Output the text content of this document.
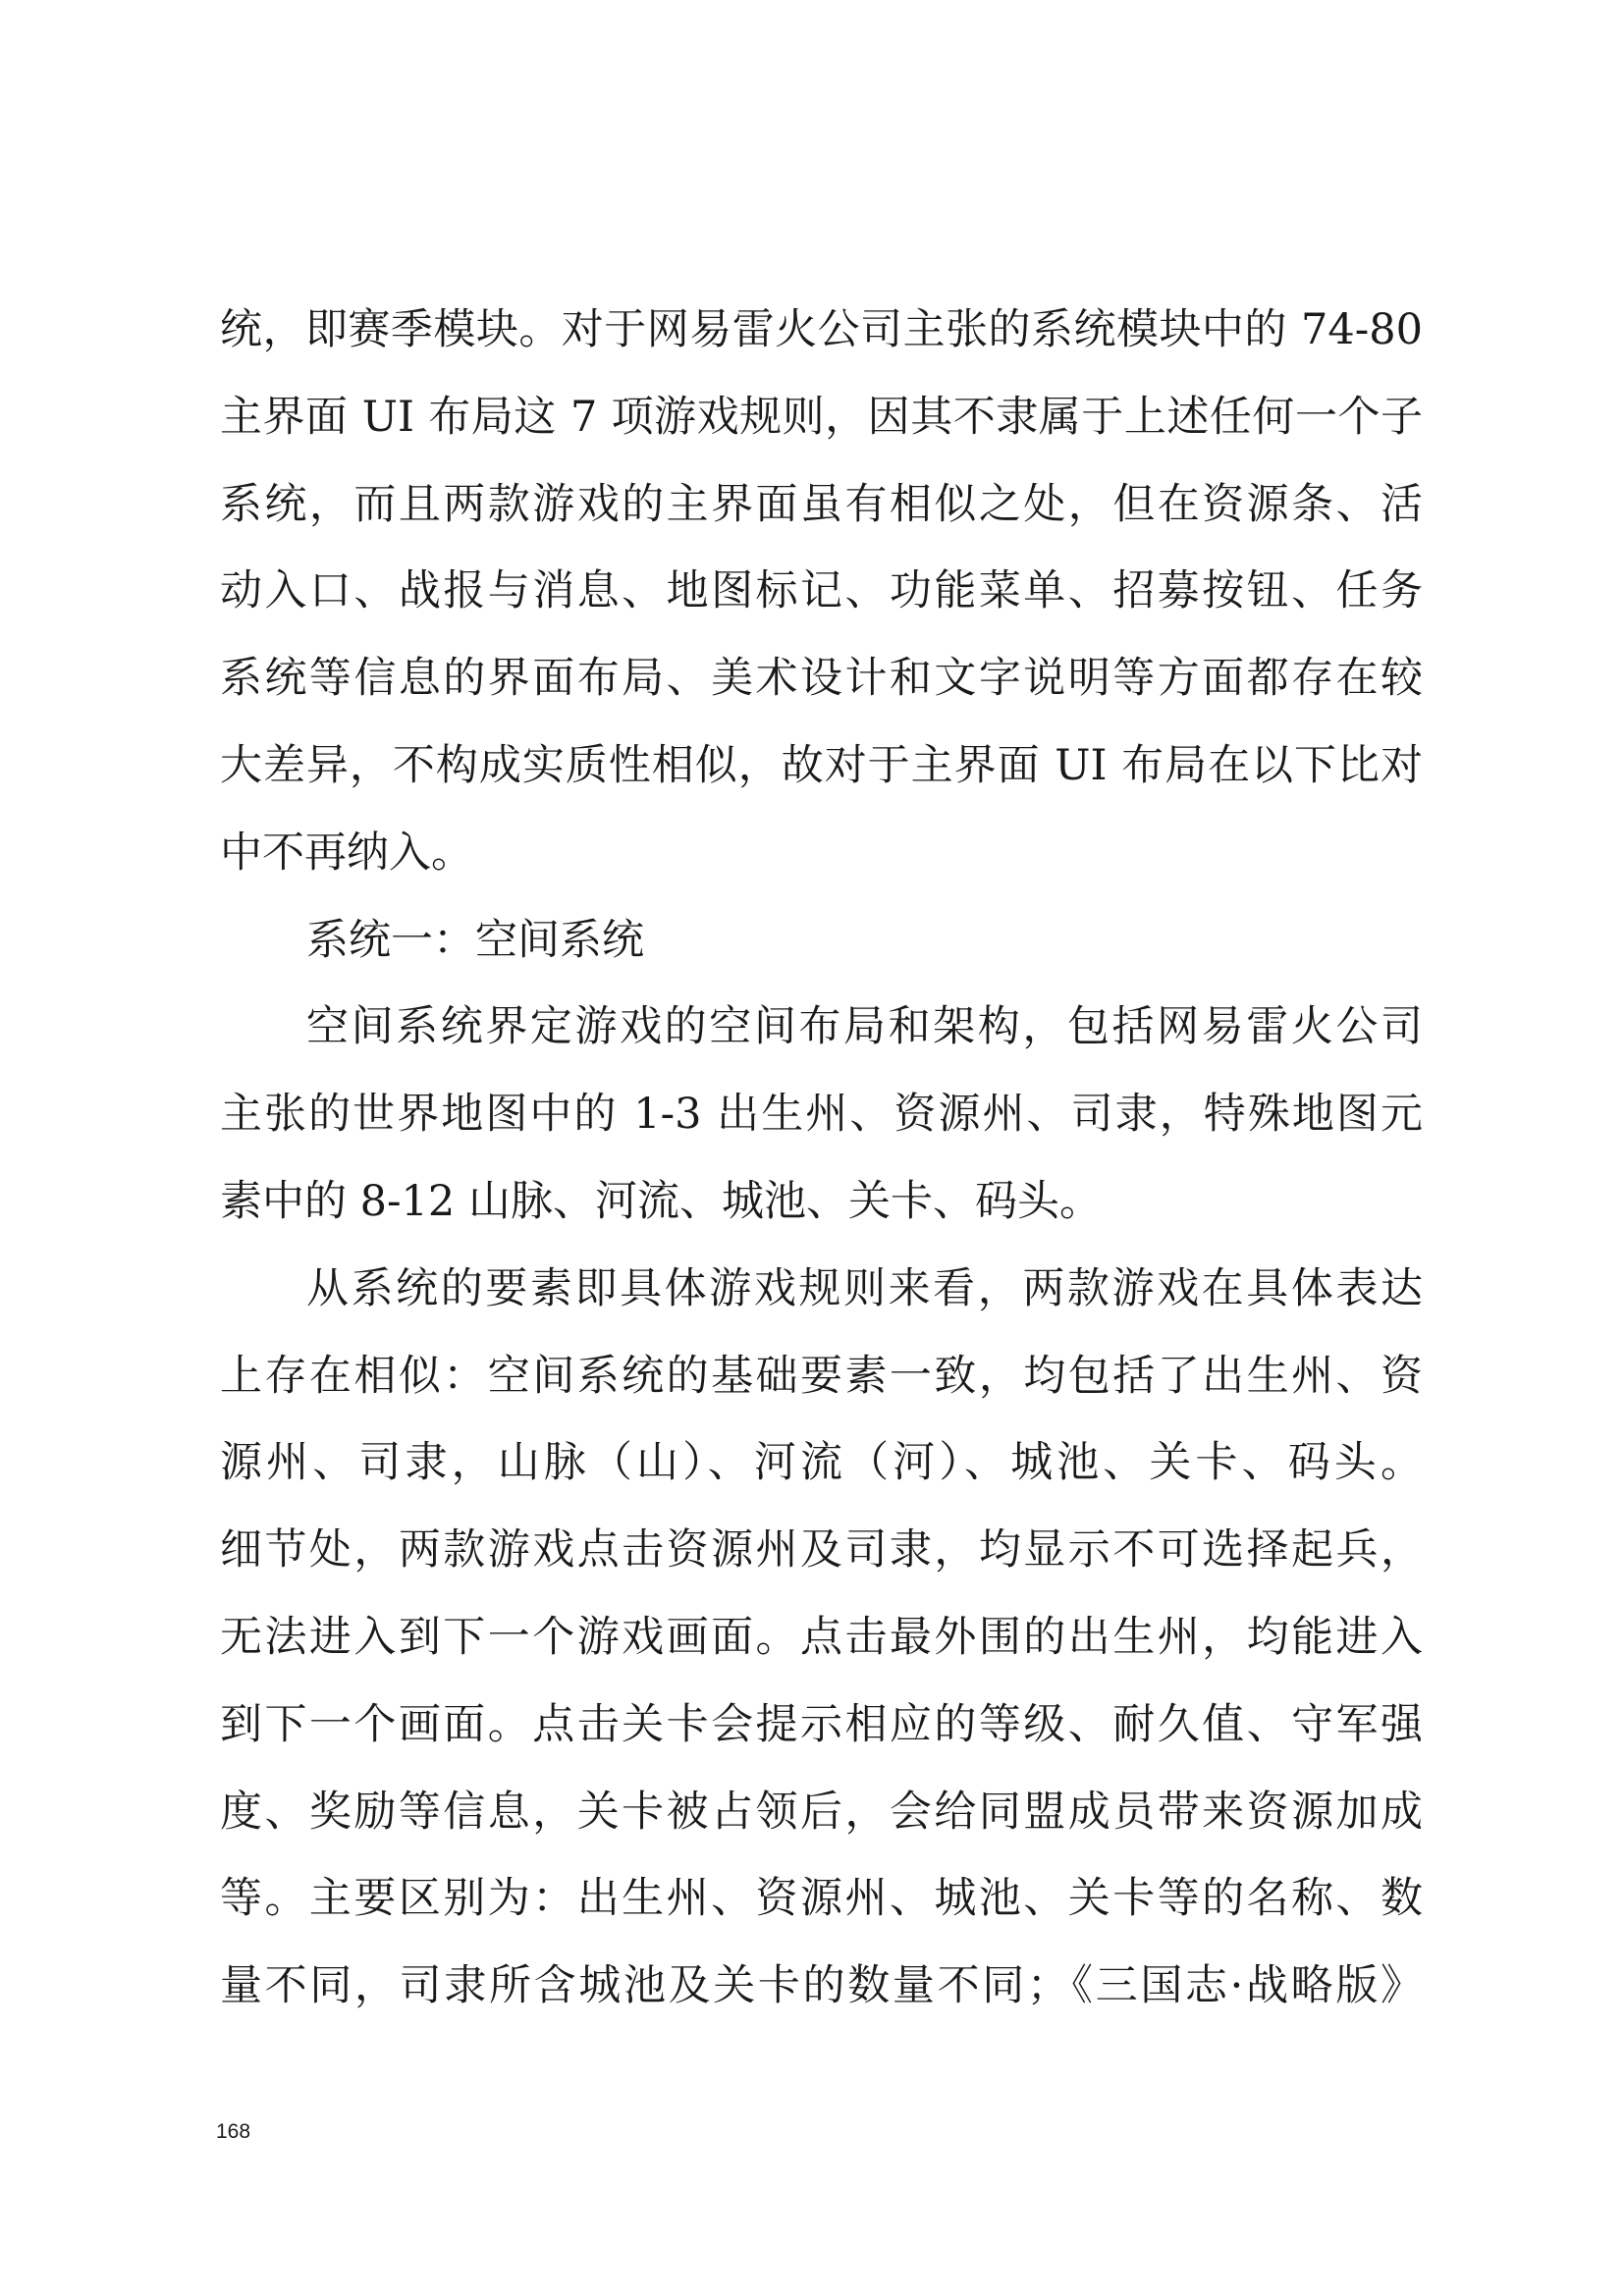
统，即赛季模块。对于网易雷火公司主张的系统模块中的 74-80
主界面 UI 布局这 7 项游戏规则，因其不隶属于上述任何一个子
系统，而且两款游戏的主界面虽有相似之处，但在资源条、活
动入口、战报与消息、地图标记、功能菜单、招募按钮、任务
系统等信息的界面布局、美术设计和文字说明等方面都存在较
大差异，不构成实质性相似，故对于主界面 UI 布局在以下比对
中不再纳入。
系统一：空间系统
空间系统界定游戏的空间布局和架构，包括网易雷火公司
主张的世界地图中的 1-3 出生州、资源州、司隶，特殊地图元
素中的 8-12 山脉、河流、城池、关卡、码头。
从系统的要素即具体游戏规则来看，两款游戏在具体表达
上存在相似：空间系统的基础要素一致，均包括了出生州、资
源州、司隶，山脉（山）、河流（河）、城池、关卡、码头。
细节处，两款游戏点击资源州及司隶，均显示不可选择起兵，
无法进入到下一个游戏画面。点击最外围的出生州，均能进入
到下一个画面。点击关卡会提示相应的等级、耐久值、守军强
度、奖励等信息，关卡被占领后，会给同盟成员带来资源加成
等。主要区别为：出生州、资源州、城池、关卡等的名称、数
量不同，司隶所含城池及关卡的数量不同；《三国志·战略版》
168
